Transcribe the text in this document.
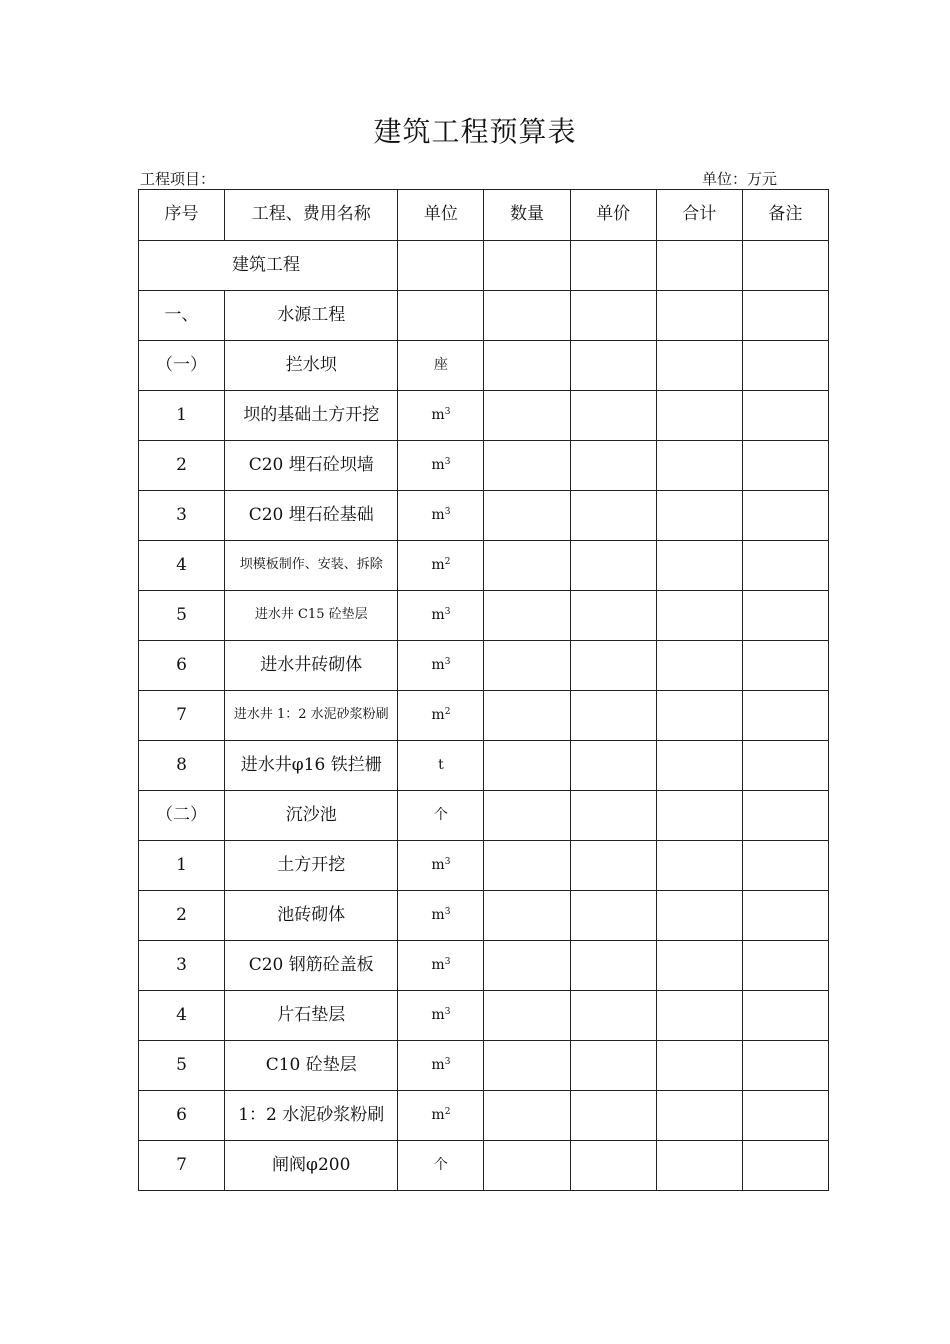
建筑工程预算表
工程项目：	单位：万元
序号	工程、费用名称	单位	数量	单价	合计	备注
建筑工程						
一、	水源工程					
（一）	拦水坝	座				
1	坝的基础土方开挖	$m^3$				
2	C20 埋石砼坝墙	$m^3$				
3	C20 埋石砼基础	$m^3$				
4	坝模板制作、安装、拆除	$m^2$				
5	进水井 C15 砼垫层	$m^3$				
6	进水井砖砌体	$m^3$				
7	进水井 1：2 水泥砂浆粉刷	$m^2$				
8	进水井φ16 铁拦栅	t				
（二）	沉沙池	个				
1	土方开挖	$m^3$				
2	池砖砌体	$m^3$				
3	C20 钢筋砼盖板	$m^3$				
4	片石垫层	$m^3$				
5	C10 砼垫层	$m^3$				
6	1：2 水泥砂浆粉刷	$m^2$				
7	闸阀φ200	个				
